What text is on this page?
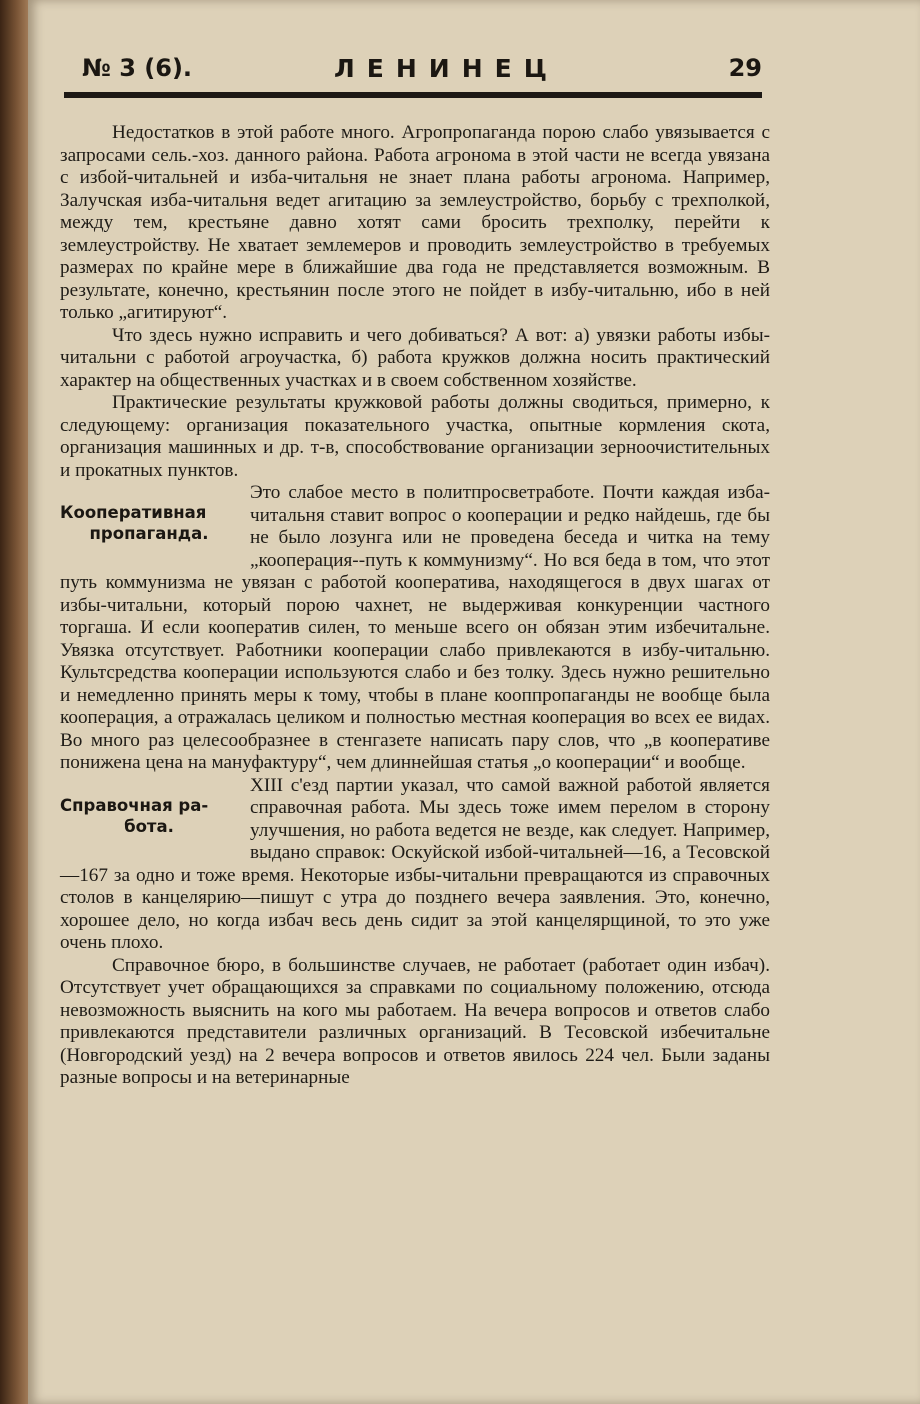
№ 3 (6).	ЛЕНИНЕЦ	29

Недостатков в этой работе много. Агропропаганда порою слабо увязывается с запросами сель.-хоз. данного района. Работа агронома в этой части не всегда увязана с избой-читальней и изба-читальня не знает плана работы агронома. Например, Залучская изба-читальня ведет агитацию за землеустройство, борьбу с трехполкой, между тем, крестьяне давно хотят сами бросить трехполку, перейти к землеустройству. Не хватает землемеров и проводить землеустройство в требуемых размерах по крайне мере в ближайшие два года не представляется возможным. В результате, конечно, крестьянин после этого не пойдет в избу-читальню, ибо в ней только „агитируют“.

Что здесь нужно исправить и чего добиваться? А вот: а) увязки работы избы-читальни с работой агроучастка, б) работа кружков должна носить практический характер на общественных участках и в своем собственном хозяйстве.

Практические результаты кружковой работы должны сводиться, примерно, к следующему: организация показательного участка, опытные кормления скота, организация машинных и др. т-в, способствование организации зерноочистительных и прокатных пунктов.

Кооперативная
пропаганда.

Это слабое место в политпросветработе. Почти каждая изба-читальня ставит вопрос о кооперации и редко найдешь, где бы не было лозунга или не проведена беседа и читка на тему „кооперация--путь к коммунизму“. Но вся беда в том, что этот путь коммунизма не увязан с работой кооператива, находящегося в двух шагах от избы-читальни, который порою чахнет, не выдерживая конкуренции частного торгаша. И если кооператив силен, то меньше всего он обязан этим избечитальне. Увязка отсутствует. Работники кооперации слабо привлекаются в избу-читальню. Культсредства кооперации используются слабо и без толку. Здесь нужно решительно и немедленно принять меры к тому, чтобы в плане кооппропаганды не вообще была кооперация, а отражалась целиком и полностью местная кооперация во всех ее видах. Во много раз целесообразнее в стенгазете написать пару слов, что „в кооперативе понижена цена на мануфактуру“, чем длиннейшая статья „о кооперации“ и вообще.

Справочная ра-
бота.

XIII с'езд партии указал, что самой важной работой является справочная работа. Мы здесь тоже имем перелом в сторону улучшения, но работа ведется не везде, как следует. Например, выдано справок: Оскуйской избой-читальней—16, а Тесовской—167 за одно и тоже время. Некоторые избы-читальни превращаются из справочных столов в канцелярию—пишут с утра до позднего вечера заявления. Это, конечно, хорошее дело, но когда избач весь день сидит за этой канцелярщиной, то это уже очень плохо.

Справочное бюро, в большинстве случаев, не работает (работает один избач). Отсутствует учет обращающихся за справками по социальному положению, отсюда невозможность выяснить на кого мы работаем. На вечера вопросов и ответов слабо привлекаются представители различных организаций. В Тесовской избечитальне (Новгородский уезд) на 2 вечера вопросов и ответов явилось 224 чел. Были заданы разные вопросы и на ветеринарные
